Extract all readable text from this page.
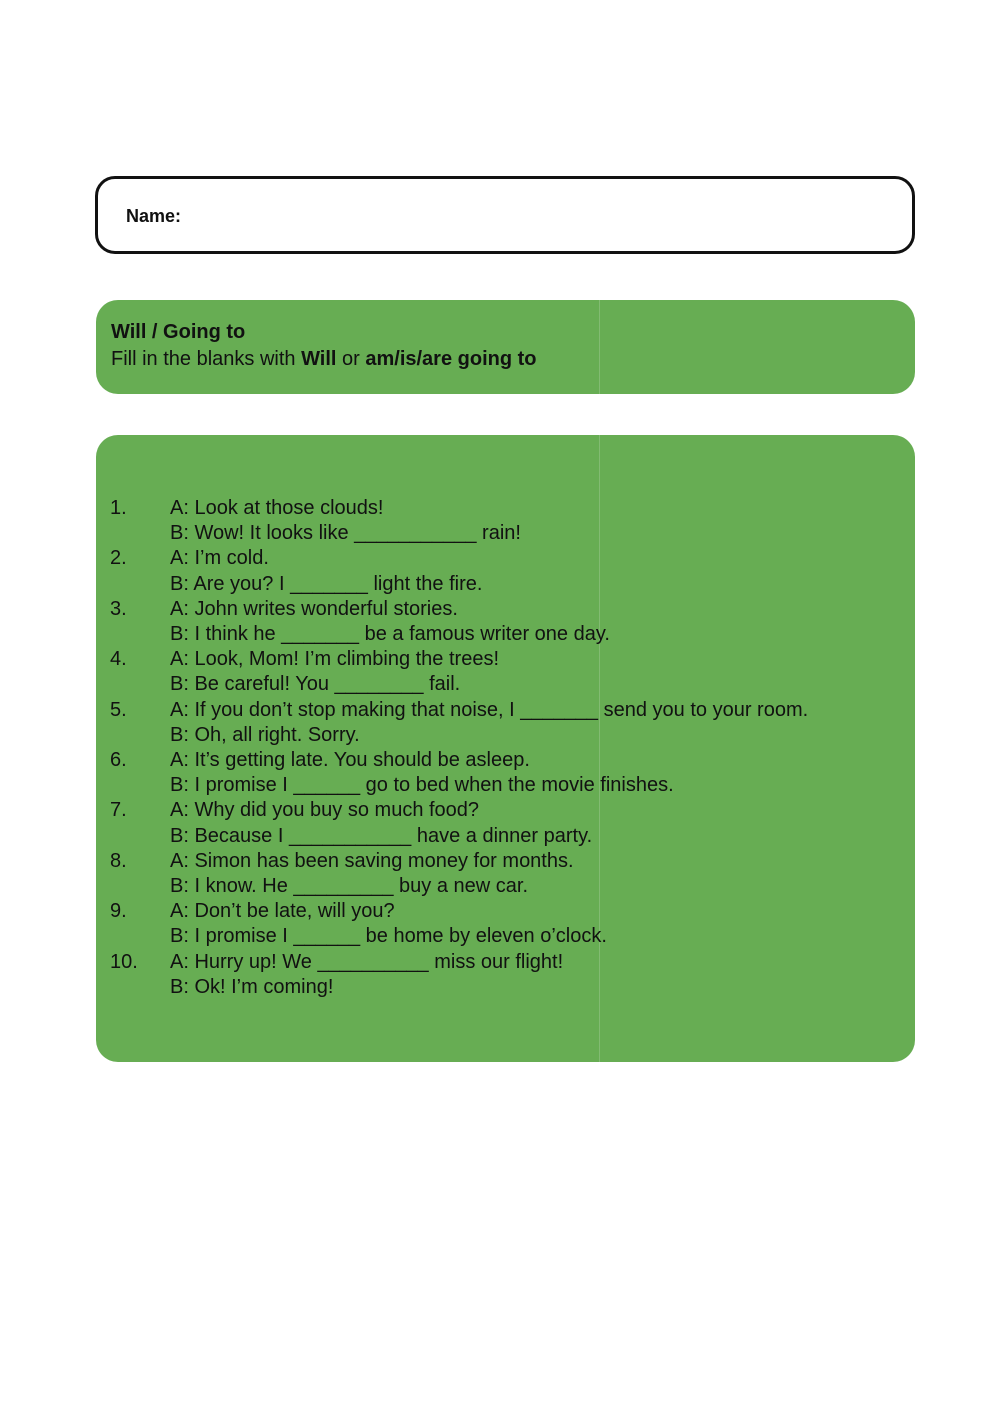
Name:
Will / Going to
Fill in the blanks with Will or am/is/are going to
1.	A: Look at those clouds!
B: Wow! It looks like ___________ rain!
2.	A: I’m cold.
B: Are you? I _______ light the fire.
3.	A: John writes wonderful stories.
B: I think he _______ be a famous writer one day.
4.	A: Look, Mom! I’m climbing the trees!
B: Be careful! You ________ fail.
5.	A: If you don’t stop making that noise, I _______ send you to your room.
B: Oh, all right. Sorry.
6.	A: It’s getting late. You should be asleep.
B: I promise I ______ go to bed when the movie finishes.
7.	A: Why did you buy so much food?
B: Because I ___________ have a dinner party.
8.	A: Simon has been saving money for months.
B: I know. He _________ buy a new car.
9.	A: Don’t be late, will you?
B: I promise I ______ be home by eleven o’clock.
10.	A: Hurry up! We __________ miss our flight!
B: Ok! I’m coming!
